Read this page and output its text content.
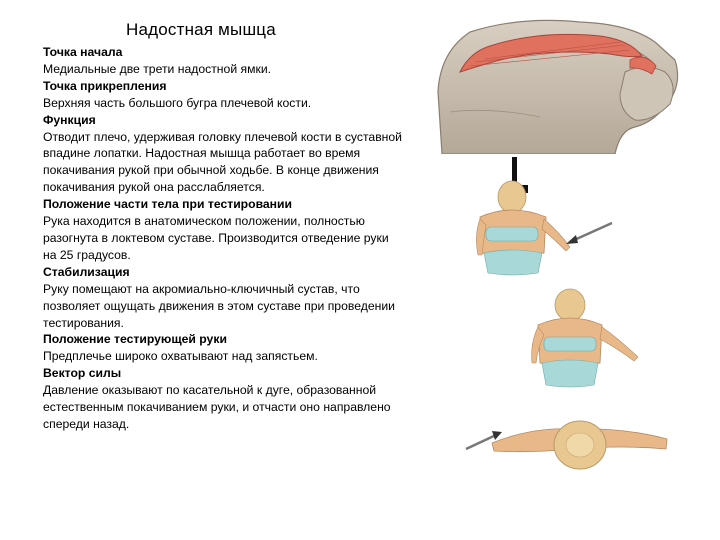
Надостная мышца
Точка начала
Медиальные две трети надостной ямки.
Точка прикрепления
Верхняя часть большого бугра плечевой кости.
Функция
Отводит плечо, удерживая головку плечевой кости в суставной впадине лопатки. Надостная мышца работает во время покачивания рукой при обычной ходьбе. В конце движения покачивания рукой она расслабляется.
Положение части тела при тестировании
Рука находится в анатомическом положении, полностью разогнута в локтевом суставе. Производится отведение руки на 25 градусов.
Стабилизация
Руку помещают на акромиально-ключичный сустав, что позволяет ощущать движения в этом суставе при проведении тестирования.
Положение тестирующей руки
Предплечье широко охватывают над запястьем.
Вектор силы
Давление оказывают по касательной к дуге, образованной естественным покачиванием руки, и отчасти оно направлено спереди назад.
